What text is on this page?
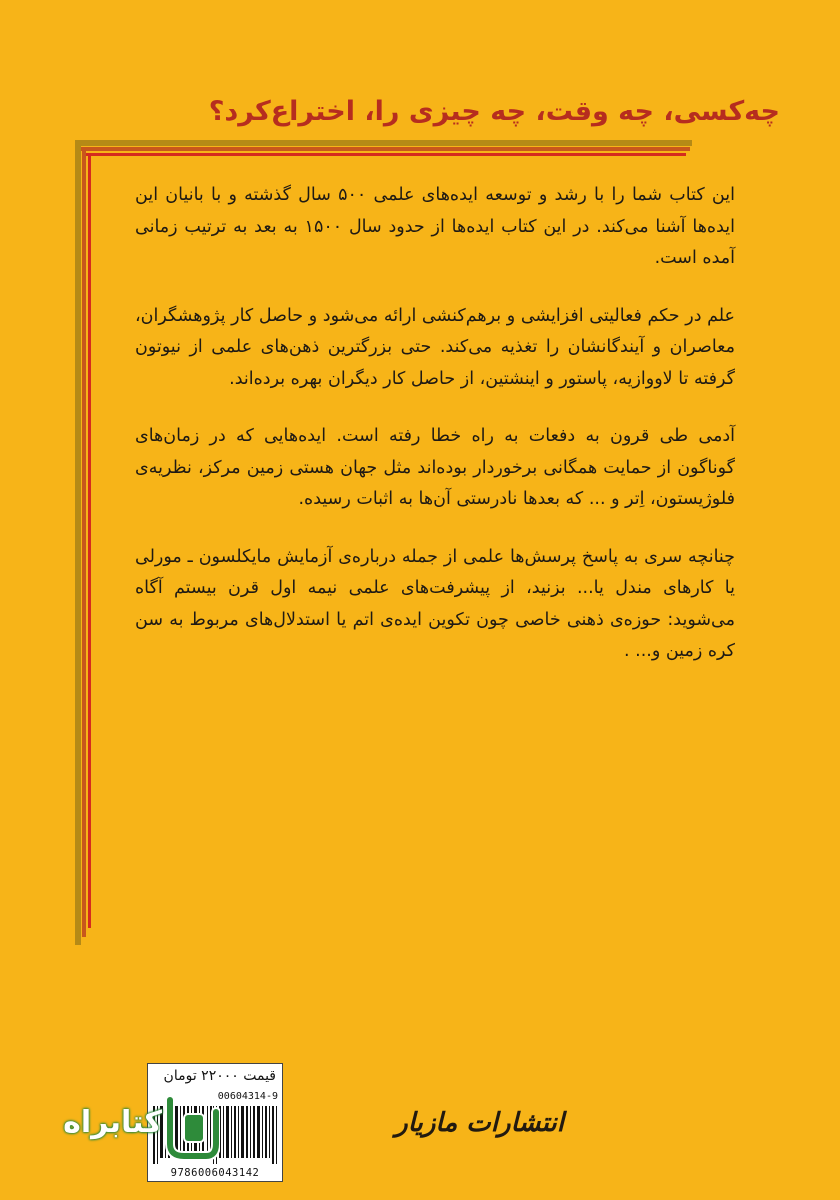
چه‌کسی، چه وقت، چه چیزی را، اختراع‌کرد؟

این کتاب شما را با رشد و توسعه ایده‌های علمی ۵۰۰ سال گذشته و با بانیان این ایده‌ها آشنا می‌کند. در این کتاب ایده‌ها از حدود سال ۱۵۰۰ به بعد به ترتیب زمانی آمده است.

علم در حکم فعالیتی افزایشی و برهم‌کنشی ارائه می‌شود و حاصل کار پژوهشگران، معاصران و آیندگانشان را تغذیه می‌کند. حتی بزرگترین ذهن‌های علمی از نیوتون گرفته تا لاووازیه، پاستور و اینشتین، از حاصل کار دیگران بهره برده‌اند.

آدمی طی قرون به دفعات به راه خطا رفته است. ایده‌هایی که در زمان‌های گوناگون از حمایت همگانی برخوردار بوده‌اند مثل جهان هستی زمین مرکز، نظریه‌ی فلوژیستون، اِتر و ... که بعدها نادرستی آن‌ها به اثبات رسیده.

چنانچه سری به پاسخ پرسش‌ها علمی از جمله درباره‌ی آزمایش مایکلسون ـ مورلی یا کارهای مندل یا... بزنید، از پیشرفت‌های علمی نیمه اول قرن بیستم آگاه می‌شوید: حوزه‌ی ذهنی خاصی چون تکوین ایده‌ی اتم یا استدلال‌های مربوط به سن کره زمین و... .

قیمت ۲۲۰۰۰ تومان
00604314-9
9786006043142
کتابراه	انتشارات مازیار
